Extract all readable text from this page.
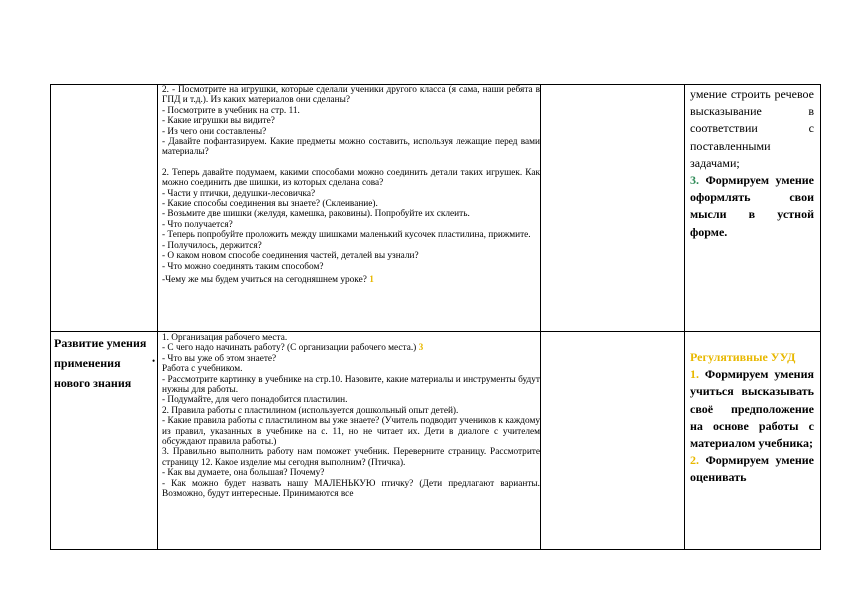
2. - Посмотрите на игрушки, которые сделали ученики другого класса (я сама, наши ребята в ГПД и т.д.). Из каких материалов они сделаны?

- Посмотрите в учебник на стр. 11.

- Какие игрушки вы видите?

- Из чего они составлены?

- Давайте пофантазируем. Какие предметы можно составить, используя лежащие перед вами материалы?

2. Теперь давайте подумаем, какими способами можно соединить детали таких игрушек. Как можно соединить две шишки, из которых сделана сова?

- Части у птички, дедушки-лесовичка?

- Какие способы соединения вы знаете? (Склеивание).

- Возьмите две шишки (желудя, камешка, раковины). Попробуйте их склеить.

- Что получается?

- Теперь попробуйте проложить между шишками маленький кусочек пластилина, прижмите.

- Получилось, держится?

- О каком новом способе соединения частей, деталей вы узнали?

- Что можно соединять таким способом?

-Чему же мы будем учиться на сегодняшнем уроке? 1

умение строить речевое высказывание в соответствии с поставленными задачами;

3. Формируем умение оформлять свои мысли в устной форме.

Развитие умения применения нового знания

•

1. Организация рабочего места.

- С чего надо начинать работу? (С организации рабочего места.) 3

- Что вы уже об этом знаете?

Работа с учебником.

- Рассмотрите картинку в учебнике на стр.10. Назовите, какие материалы и инструменты будут нужны для работы.

- Подумайте, для чего понадобится пластилин.

2. Правила работы с пластилином (используется дошкольный опыт детей).

- Какие правила работы с пластилином вы уже знаете? (Учитель подводит учеников к каждому из правил, указанных в учебнике на с. 11, но не читает их. Дети в диалоге с учителем обсуждают правила работы.)

3. Правильно выполнить работу нам поможет учебник. Переверните страницу. Рассмотрите страницу 12. Какое изделие мы сегодня выполним? (Птичка).

- Как вы думаете, она большая? Почему?

- Как можно будет назвать нашу МАЛЕНЬКУЮ птичку? (Дети предлагают варианты. Возможно, будут интересные. Принимаются все

Регулятивные УУД

1. Формируем умения учиться высказывать своё предположение на основе работы с материалом учебника;

2. Формируем умение оценивать
